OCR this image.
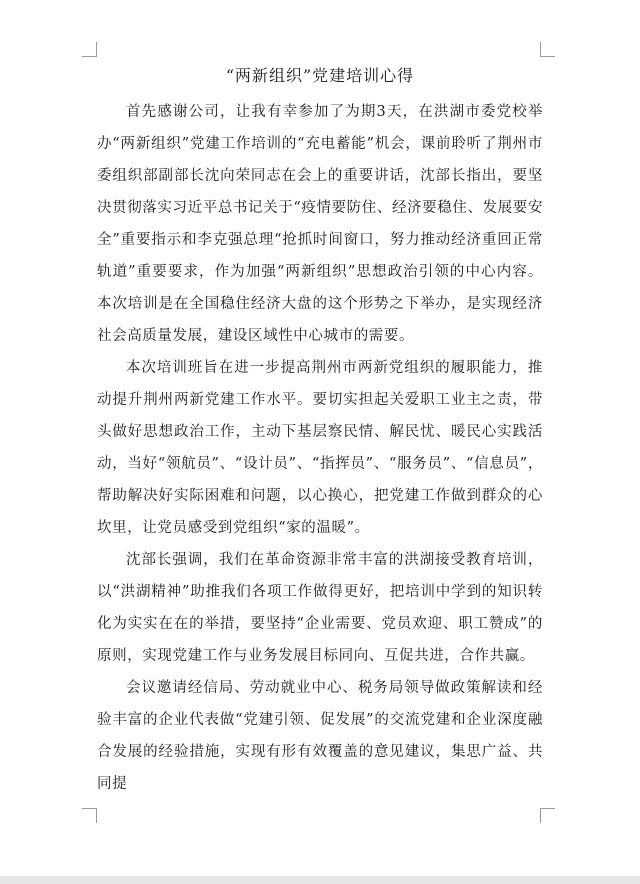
“两新组织”党建培训心得

首先感谢公司，让我有幸参加了为期3天，在洪湖市委党校举办“两新组织”党建工作培训的“充电蓄能”机会，课前聆听了荆州市委组织部副部长沈向荣同志在会上的重要讲话，沈部长指出，要坚决贯彻落实习近平总书记关于“疫情要防住、经济要稳住、发展要安全”重要指示和李克强总理“抢抓时间窗口，努力推动经济重回正常轨道”重要要求，作为加强“两新组织”思想政治引领的中心内容。本次培训是在全国稳住经济大盘的这个形势之下举办，是实现经济社会高质量发展，建设区域性中心城市的需要。

本次培训班旨在进一步提高荆州市两新党组织的履职能力，推动提升荆州两新党建工作水平。要切实担起关爱职工业主之责，带头做好思想政治工作，主动下基层察民情、解民忧、暖民心实践活动，当好“领航员”、“设计员”、“指挥员”、“服务员”、“信息员”，帮助解决好实际困难和问题，以心换心，把党建工作做到群众的心坎里，让党员感受到党组织“家的温暖”。

沈部长强调，我们在革命资源非常丰富的洪湖接受教育培训，以“洪湖精神”助推我们各项工作做得更好，把培训中学到的知识转化为实实在在的举措，要坚持“企业需要、党员欢迎、职工赞成”的原则，实现党建工作与业务发展目标同向、互促共进，合作共赢。

会议邀请经信局、劳动就业中心、税务局领导做政策解读和经验丰富的企业代表做“党建引领、促发展”的交流党建和企业深度融合发展的经验措施，实现有形有效覆盖的意见建议，集思广益、共同提
